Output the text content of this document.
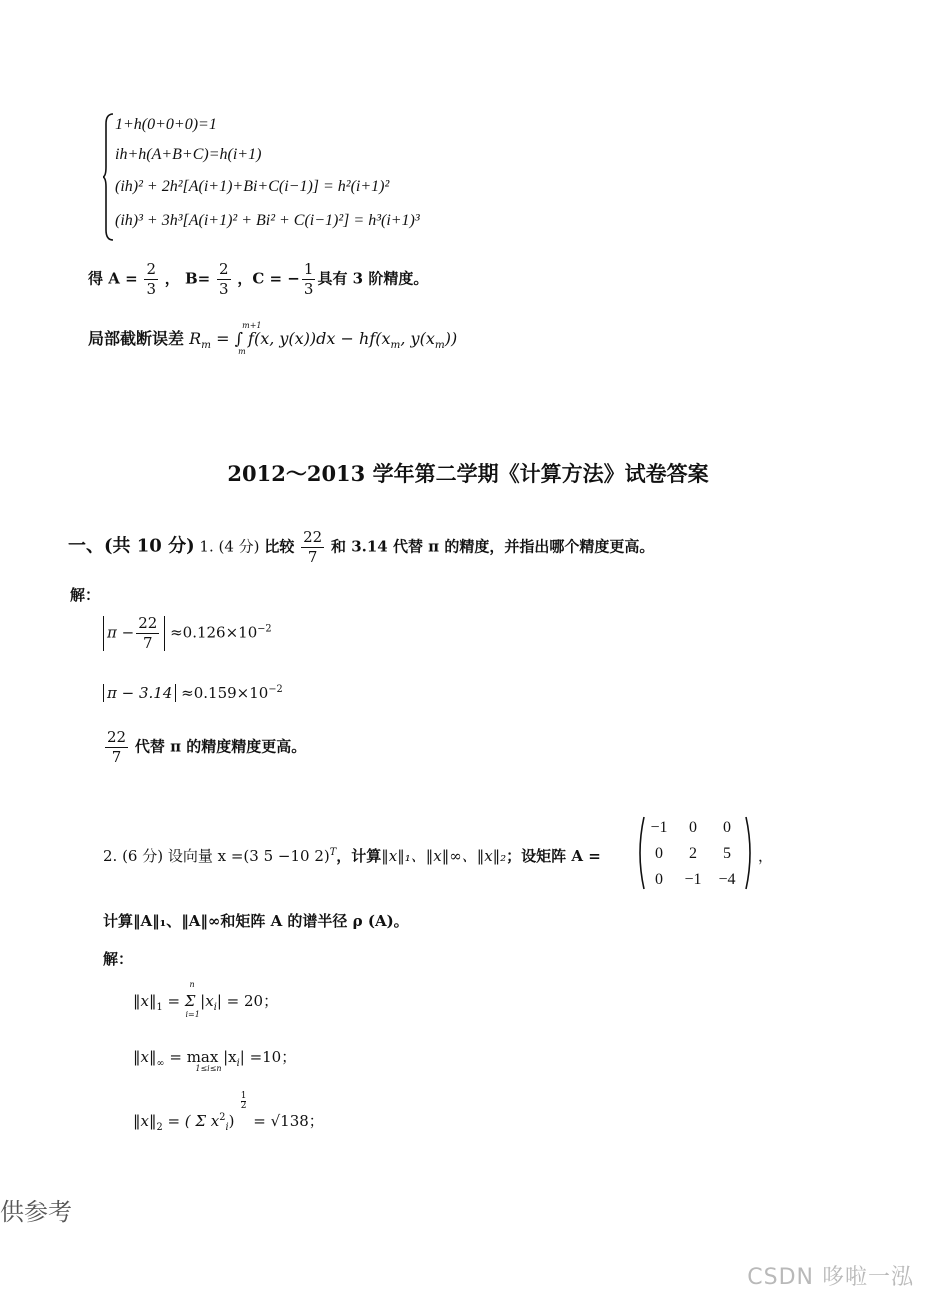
1+h(0+0+0)=1
ih+h(A+B+C)=h(i+1)
(ih)² + 2h²[A(i+1)+Bi+C(i−1)] = h²(i+1)²
(ih)³ + 3h³[A(i+1)² + Bi² + C(i−1)²] = h³(i+1)³
得 $A = \frac{2}{3}$ ， $B= \frac{2}{3}$ ，C = − $\frac{1}{3}$ 具有 3 阶精度。
局部截断误差 $R_m$ = ∫ f(x, $y(x))dx - hf(x_m$, $y(x_m)$)
m+1
m
2012～2013 学年第二学期《计算方法》试卷答案
一、(共 10 分) 1. (4 分) 比较 $\frac{22}{7}$ 和 3.14 代替 π 的精度，并指出哪个精度更高。
解：
$\pi - \frac{22}{7} \approx 0.126\times 10^{-2}$
$\pi - 3.14 \approx 0.159\times 10^{-2}$
$\frac{22}{7}$ 代替 π 的精度精度更高。
2. (6 分) 设向量 x =(3 5 −10 2)$^T$，计算‖x‖₁、‖x‖∞、‖x‖₂；设矩阵 A =
−1	0	0
0	2	5
0	−1	−4
，
计算‖A‖₁、‖A‖∞和矩阵 A 的谱半径 ρ (A)。
解：
$‖x‖_1 = \Sigma$ $|x_i| = 20$；
n
i=1
$‖x‖_\infty = \max |x_i| =10$；
1≤i≤n
$‖x‖_2$ = ( Σ $x^2_i$)
$\frac{1}{2}$
= √138；
供参考
CSDN 哆啦一泓
